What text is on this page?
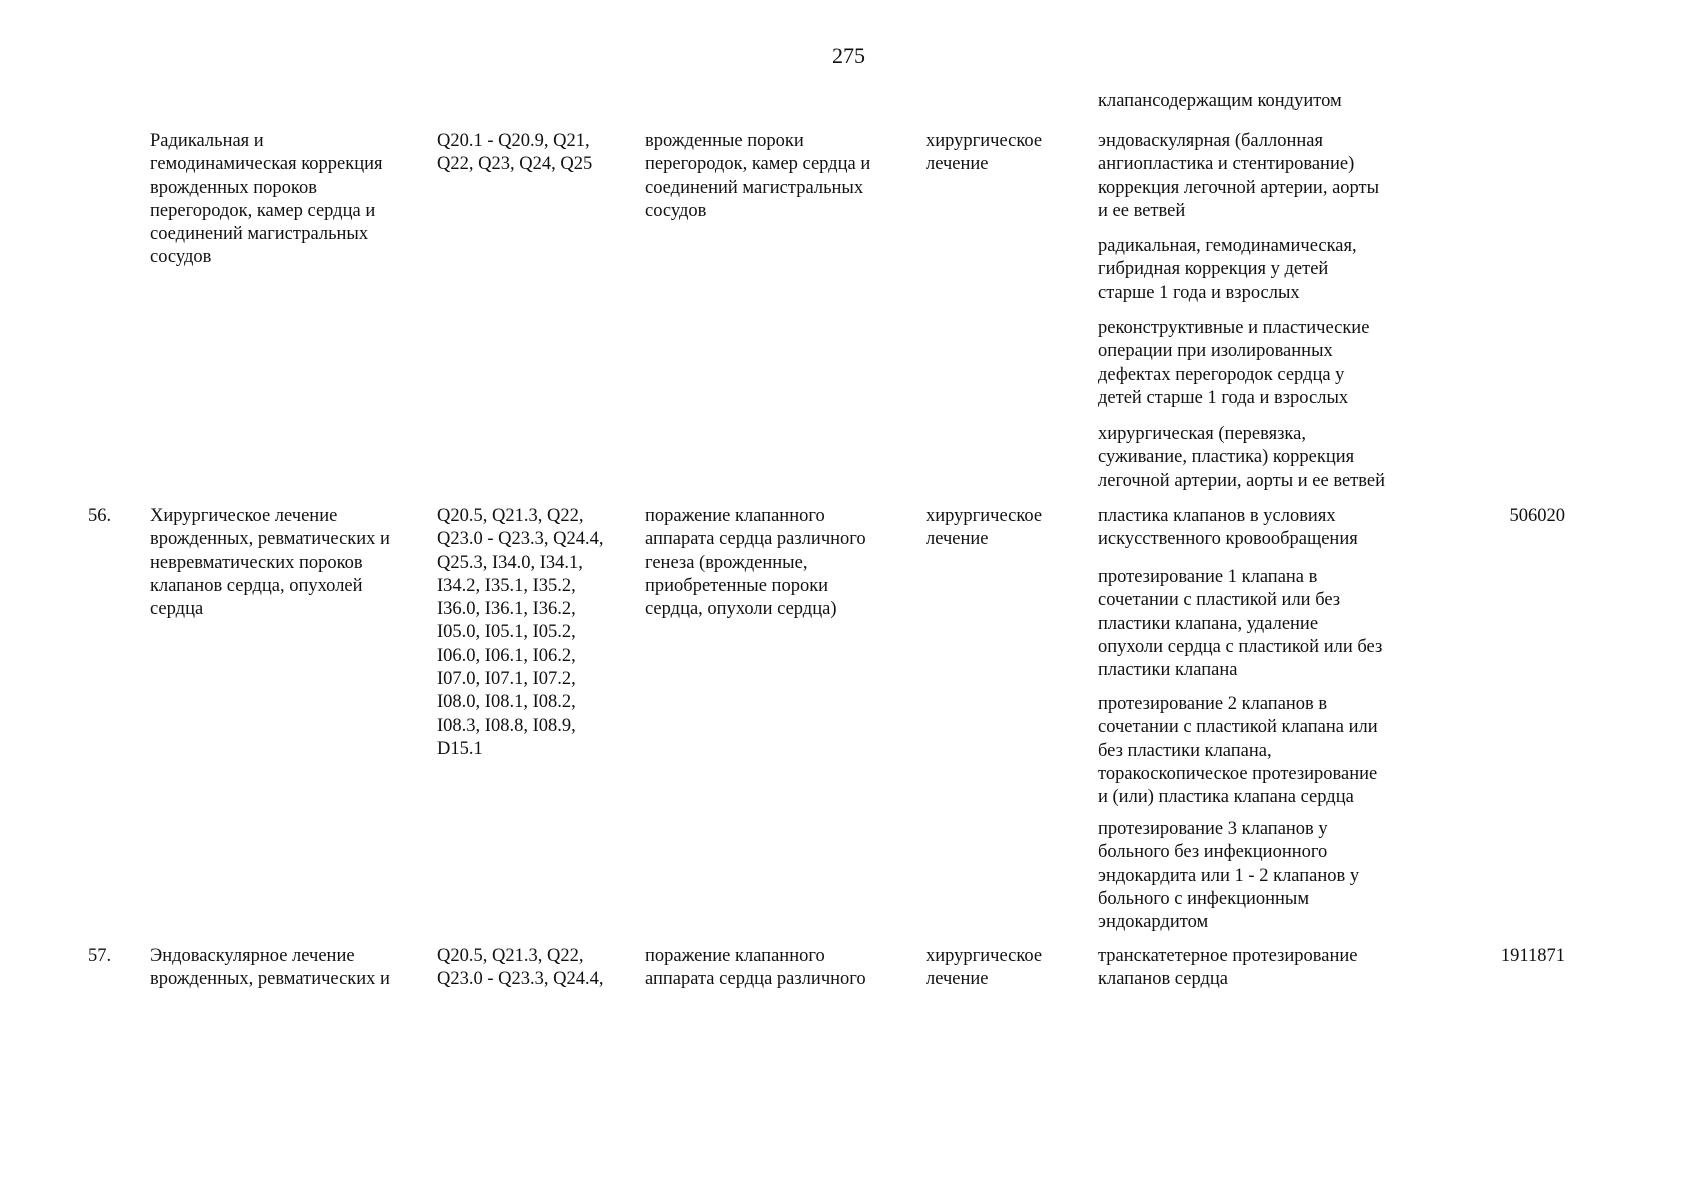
275

клапансодержащим кондуитом

Радикальная и
гемодинамическая коррекция
врожденных пороков
перегородок, камер сердца и
соединений магистральных
сосудов

Q20.1 - Q20.9, Q21,
Q22, Q23, Q24, Q25

врожденные пороки
перегородок, камер сердца и
соединений магистральных
сосудов

хирургическое
лечение

эндоваскулярная (баллонная
ангиопластика и стентирование)
коррекция легочной артерии, аорты
и ее ветвей

радикальная, гемодинамическая,
гибридная коррекция у детей
старше 1 года и взрослых

реконструктивные и пластические
операции при изолированных
дефектах перегородок сердца у
детей старше 1 года и взрослых

хирургическая (перевязка,
суживание, пластика) коррекция
легочной артерии, аорты и ее ветвей

56.	Хирургическое лечение
врожденных, ревматических и
невревматических пороков
клапанов сердца, опухолей
сердца

Q20.5, Q21.3, Q22,
Q23.0 - Q23.3, Q24.4,
Q25.3, I34.0, I34.1,
I34.2, I35.1, I35.2,
I36.0, I36.1, I36.2,
I05.0, I05.1, I05.2,
I06.0, I06.1, I06.2,
I07.0, I07.1, I07.2,
I08.0, I08.1, I08.2,
I08.3, I08.8, I08.9,
D15.1

поражение клапанного
аппарата сердца различного
генеза (врожденные,
приобретенные пороки
сердца, опухоли сердца)

хирургическое
лечение

пластика клапанов в условиях
искусственного кровообращения

протезирование 1 клапана в
сочетании с пластикой или без
пластики клапана, удаление
опухоли сердца с пластикой или без
пластики клапана

протезирование 2 клапанов в
сочетании с пластикой клапана или
без пластики клапана,
торакоскопическое протезирование
и (или) пластика клапана сердца

протезирование 3 клапанов у
больного без инфекционного
эндокардита или 1 - 2 клапанов у
больного с инфекционным
эндокардитом

506020

57.	Эндоваскулярное лечение
врожденных, ревматических и

Q20.5, Q21.3, Q22,
Q23.0 - Q23.3, Q24.4,

поражение клапанного
аппарата сердца различного

хирургическое
лечение

транскатетерное протезирование
клапанов сердца

1911871
